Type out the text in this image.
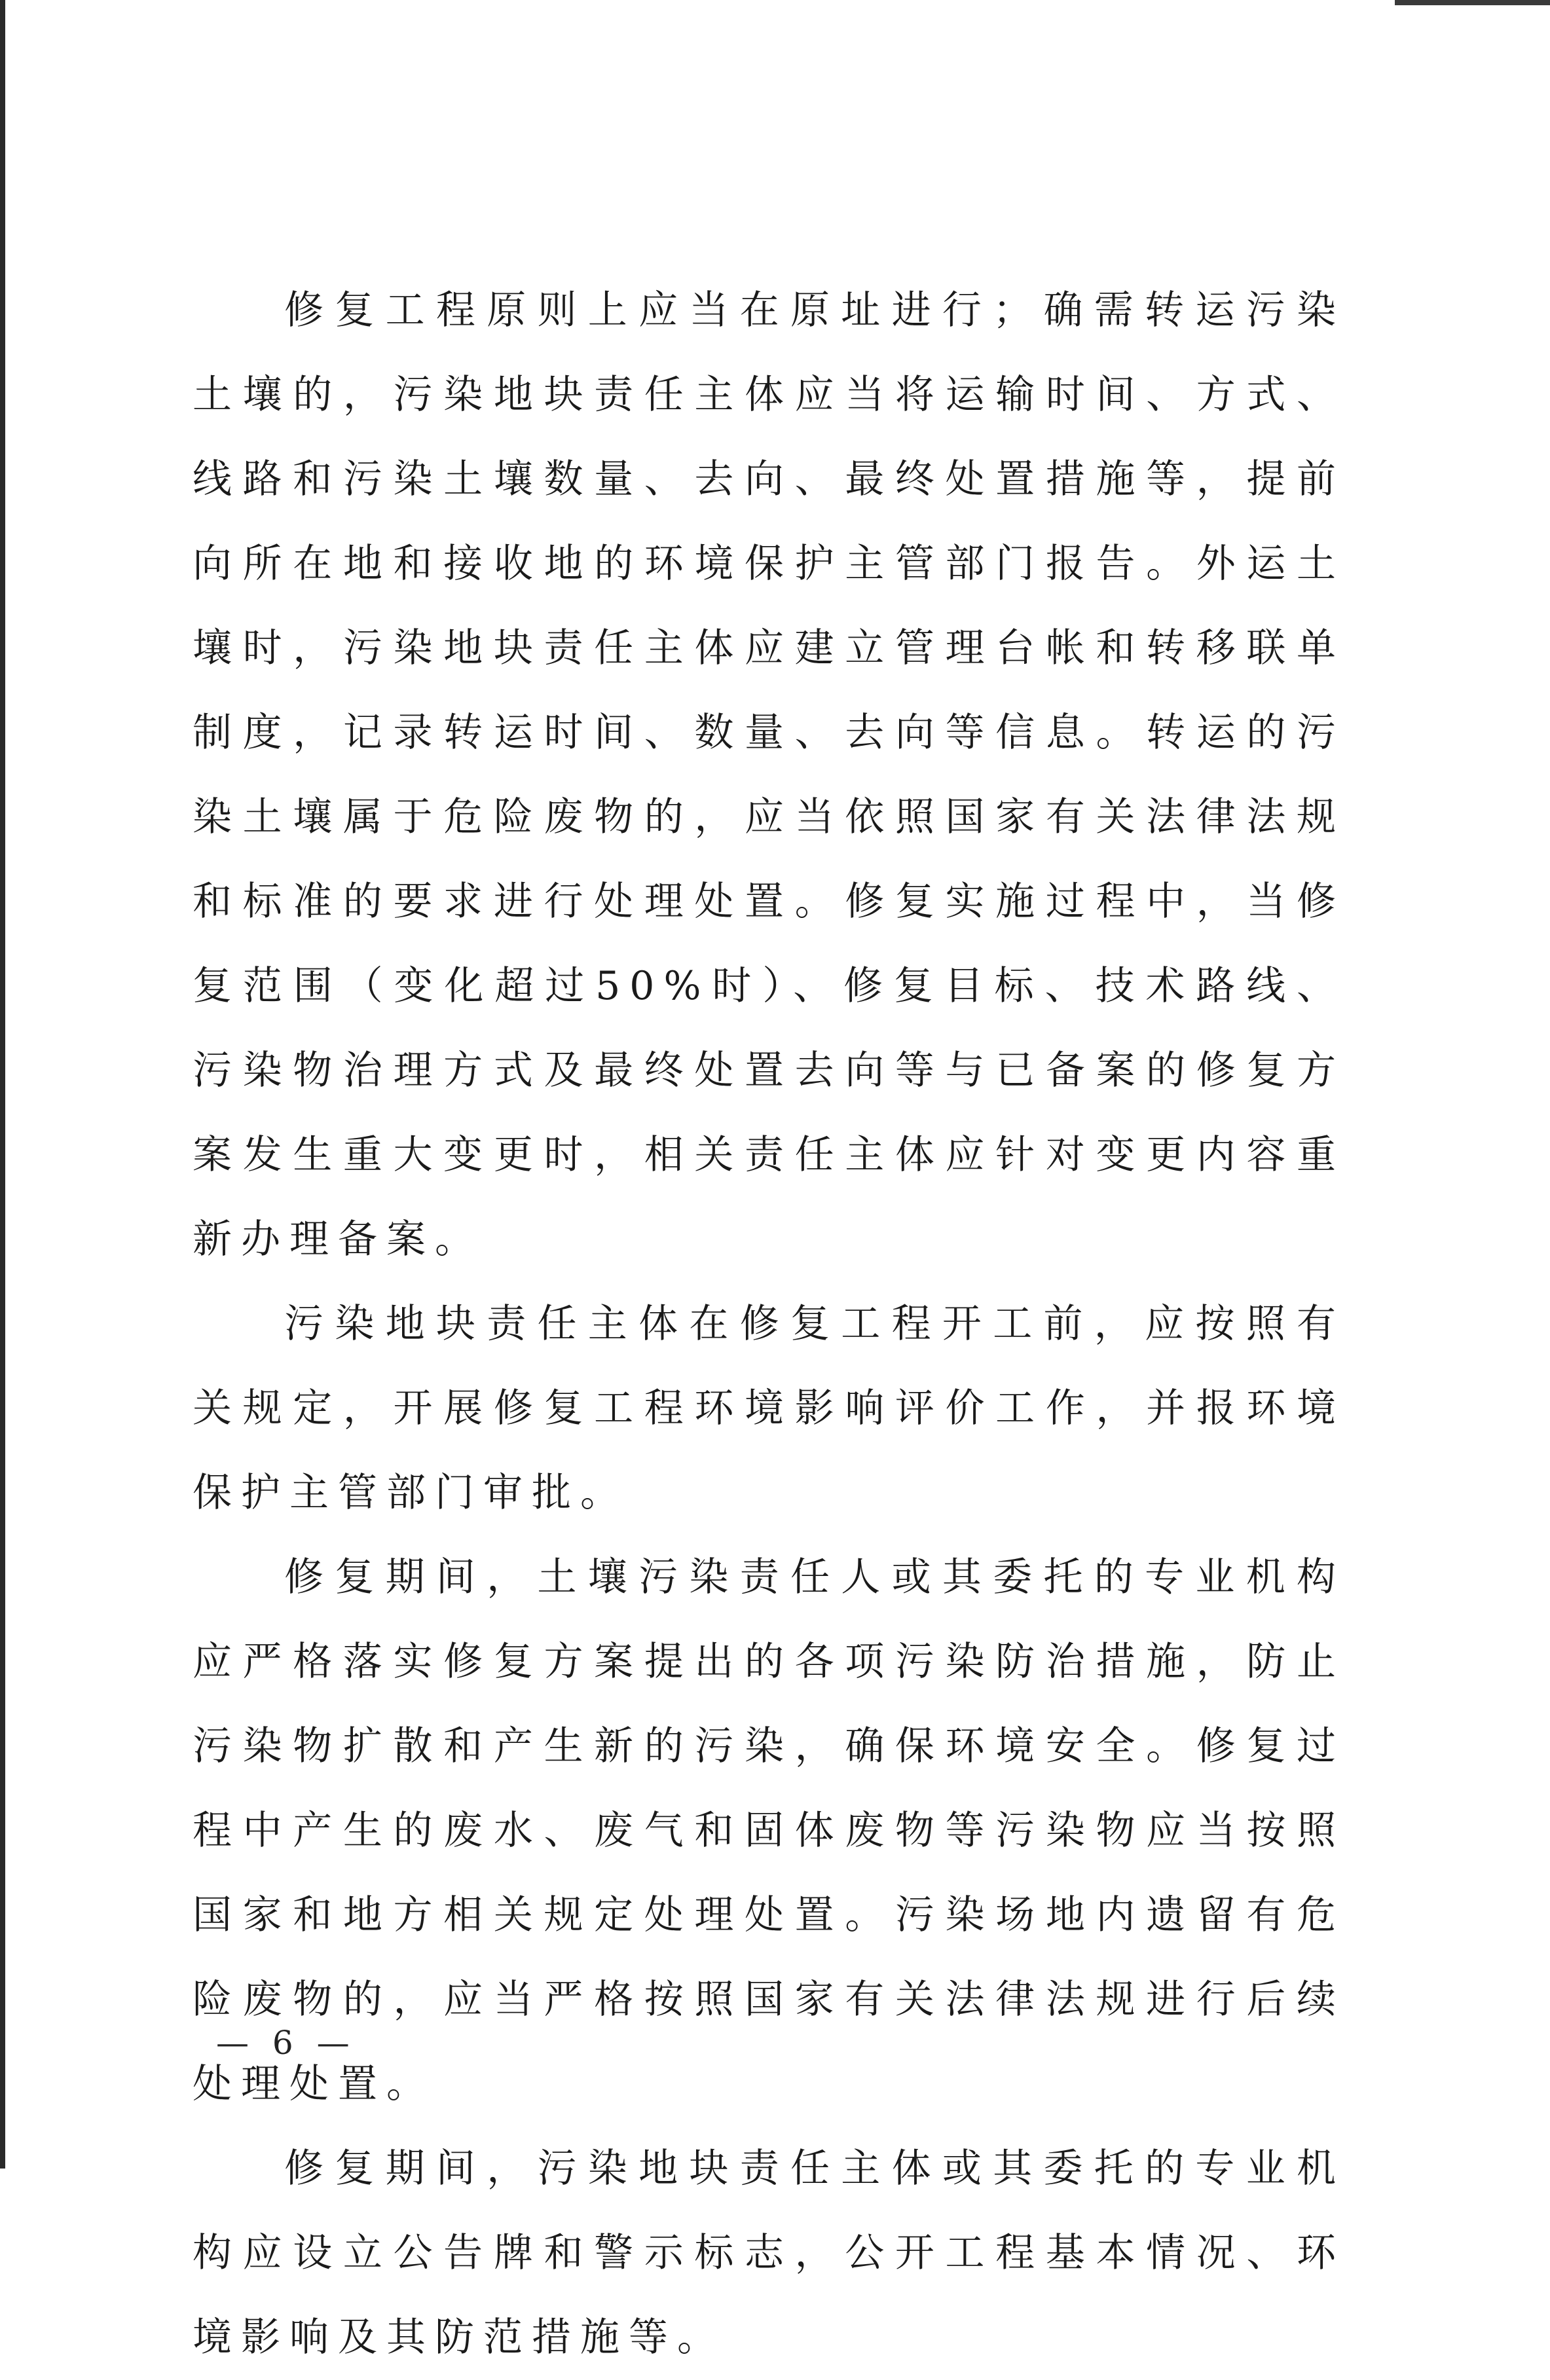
修复工程原则上应当在原址进行；确需转运污染土壤的，污染地块责任主体应当将运输时间、方式、线路和污染土壤数量、去向、最终处置措施等，提前向所在地和接收地的环境保护主管部门报告。外运土壤时，污染地块责任主体应建立管理台帐和转移联单制度，记录转运时间、数量、去向等信息。转运的污染土壤属于危险废物的，应当依照国家有关法律法规和标准的要求进行处理处置。修复实施过程中，当修复范围（变化超过50%时）、修复目标、技术路线、污染物治理方式及最终处置去向等与已备案的修复方案发生重大变更时，相关责任主体应针对变更内容重新办理备案。

污染地块责任主体在修复工程开工前，应按照有关规定，开展修复工程环境影响评价工作，并报环境保护主管部门审批。

修复期间，土壤污染责任人或其委托的专业机构应严格落实修复方案提出的各项污染防治措施，防止污染物扩散和产生新的污染，确保环境安全。修复过程中产生的废水、废气和固体废物等污染物应当按照国家和地方相关规定处理处置。污染场地内遗留有危险废物的，应当严格按照国家有关法律法规进行后续处理处置。

修复期间，污染地块责任主体或其委托的专业机构应设立公告牌和警示标志，公开工程基本情况、环境影响及其防范措施等。

— 6 —
